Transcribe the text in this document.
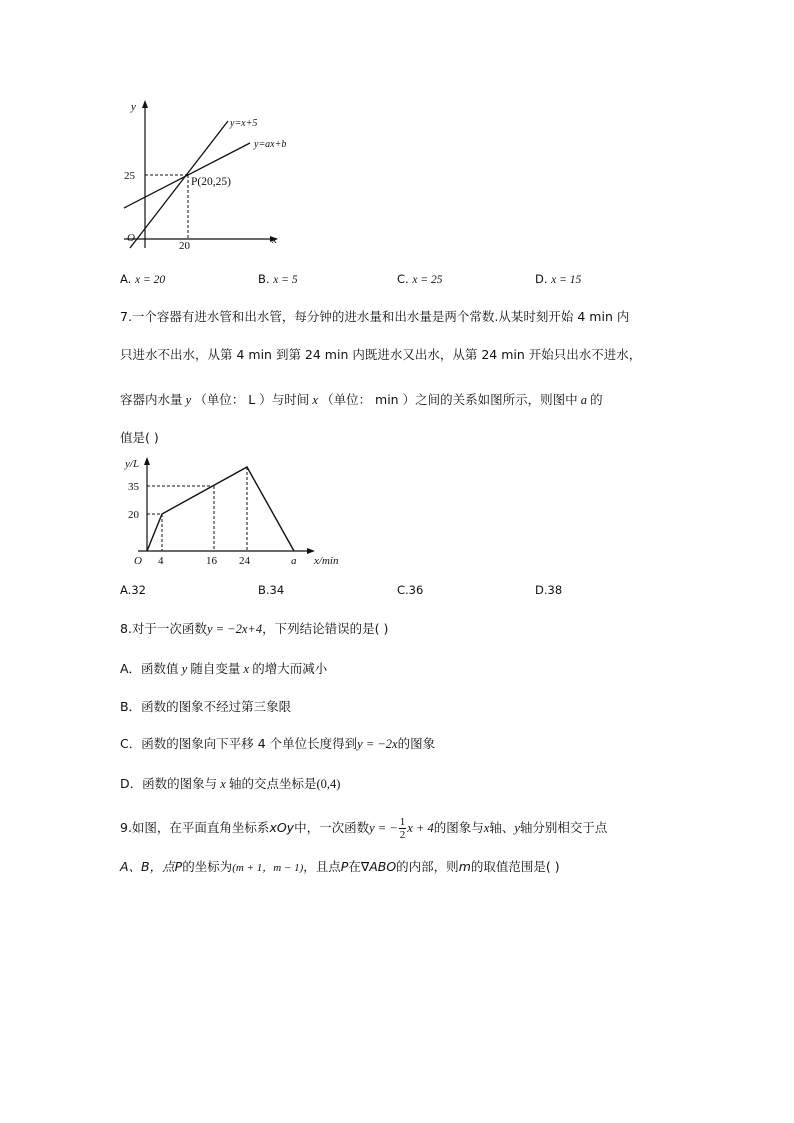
y
x
O
y=x+5
y=ax+b
25
20
P(20,25)
A. x = 20	B. x = 5	C. x = 25	D. x = 15
7.一个容器有进水管和出水管，每分钟的进水量和出水量是两个常数.从某时刻开始 4 min 内
只进水不出水，从第 4 min 到第 24 min 内既进水又出水，从第 24 min 开始只出水不进水，
容器内水量 y （单位： L ）与时间 x （单位： min ）之间的关系如图所示，则图中 a 的
值是( )
y/L
x/min
O
35
20
4	16 24	a
A.32	B.34	C.36	D.38
8.对于一次函数y = −2x+4，下列结论错误的是( )
A．函数值 y 随自变量 x 的增大而减小
B．函数的图象不经过第三象限
C．函数的图象向下平移 4 个单位长度得到y = −2x的图象
D．函数的图象与 x 轴的交点坐标是(0,4)
9.如图，在平面直角坐标系xOy中，一次函数y = − $\frac{1}{2}$ x + 4的图象与x轴、y轴分别相交于点
A、B，点P的坐标为(m + 1，m − 1)，且点P在∇ABO的内部，则m的取值范围是( )
